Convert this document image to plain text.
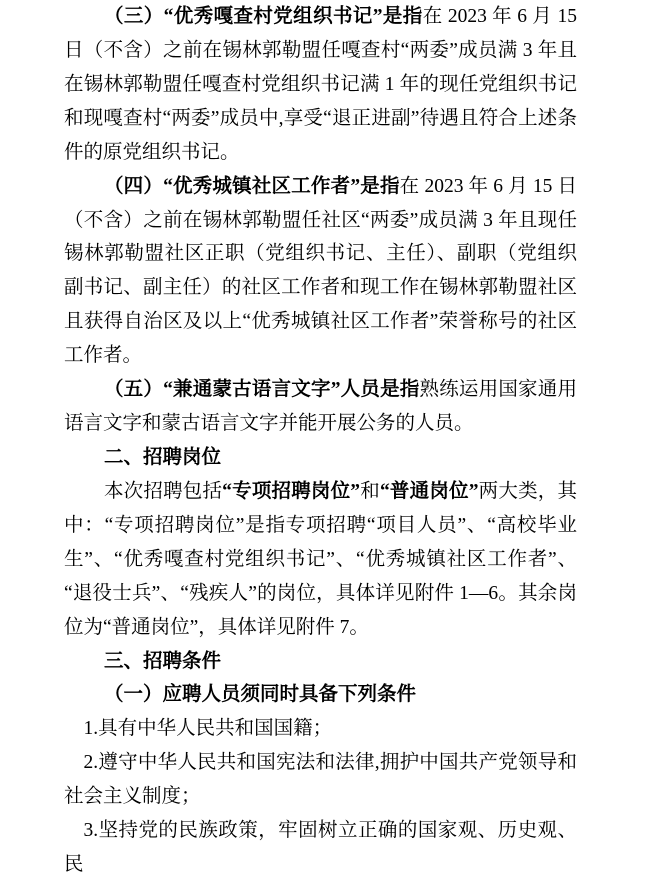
（三）“优秀嘎查村党组织书记”是指在 2023 年 6 月 15 日（不含）之前在锡林郭勒盟任嘎查村“两委”成员满 3 年且在锡林郭勒盟任嘎查村党组织书记满 1 年的现任党组织书记和现嘎查村“两委”成员中,享受“退正进副”待遇且符合上述条件的原党组织书记。

（四）“优秀城镇社区工作者”是指在 2023 年 6 月 15 日（不含）之前在锡林郭勒盟任社区“两委”成员满 3 年且现任锡林郭勒盟社区正职（党组织书记、主任）、副职（党组织副书记、副主任）的社区工作者和现工作在锡林郭勒盟社区且获得自治区及以上“优秀城镇社区工作者”荣誉称号的社区工作者。

（五）“兼通蒙古语言文字”人员是指熟练运用国家通用语言文字和蒙古语言文字并能开展公务的人员。

二、招聘岗位

本次招聘包括“专项招聘岗位”和“普通岗位”两大类，其中：“专项招聘岗位”是指专项招聘“项目人员”、“高校毕业生”、“优秀嘎查村党组织书记”、“优秀城镇社区工作者”、“退役士兵”、“残疾人”的岗位，具体详见附件 1—6。其余岗位为“普通岗位”，具体详见附件 7。

三、招聘条件

（一）应聘人员须同时具备下列条件

1.具有中华人民共和国国籍；

2.遵守中华人民共和国宪法和法律,拥护中国共产党领导和社会主义制度；

3.坚持党的民族政策，牢固树立正确的国家观、历史观、民
